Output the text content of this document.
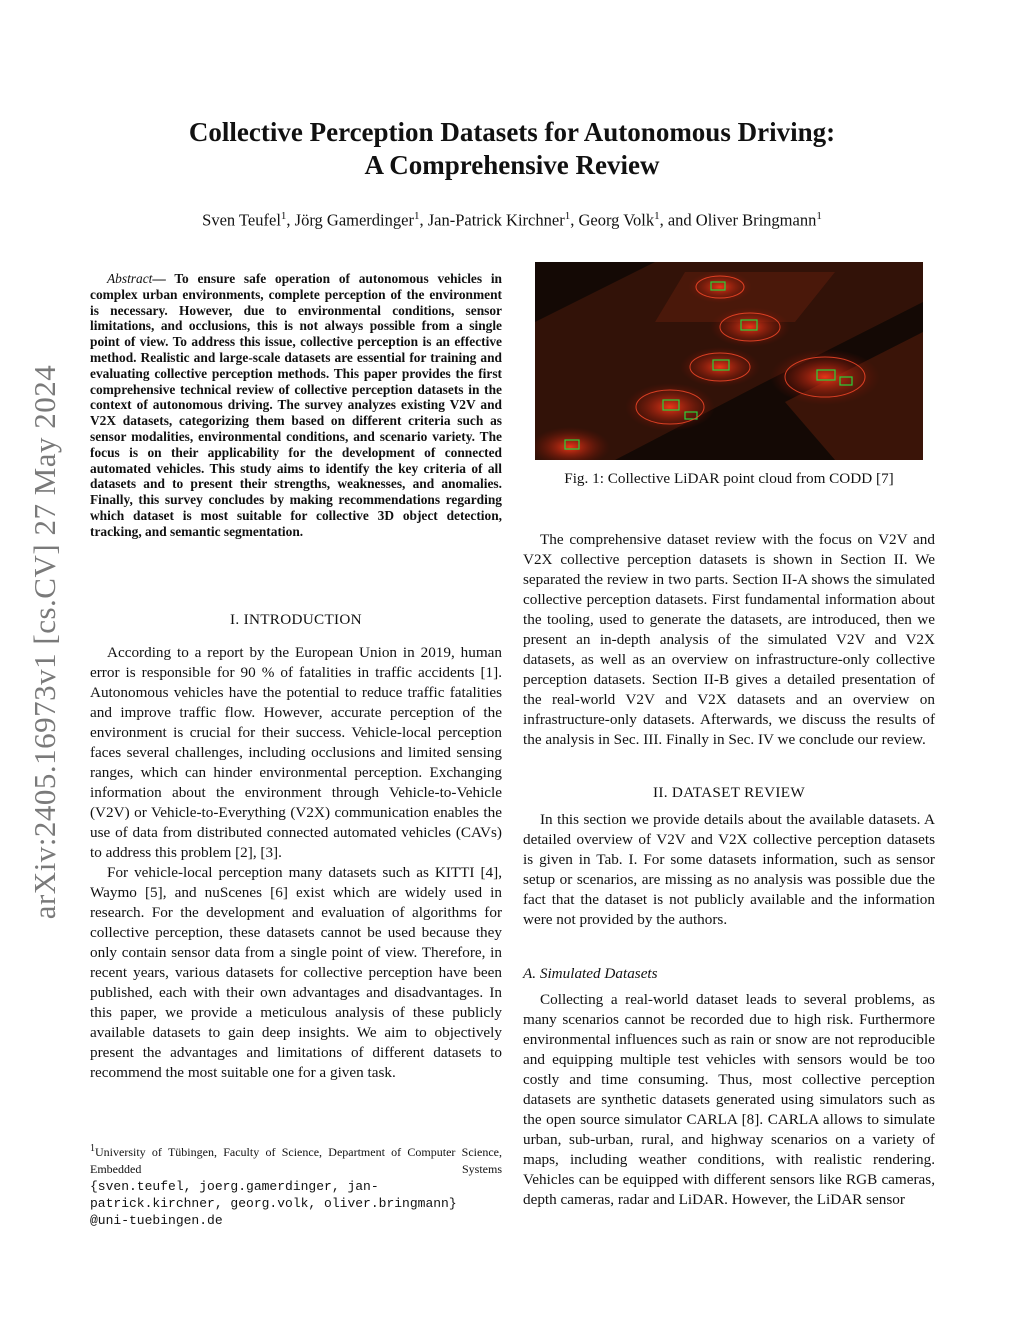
arXiv:2405.16973v1 [cs.CV] 27 May 2024
Collective Perception Datasets for Autonomous Driving:
A Comprehensive Review
Sven Teufel$^1$, Jörg Gamerdinger$^1$, Jan-Patrick Kirchner$^1$, Georg Volk$^1$, and Oliver Bringmann$^1$
Abstract— To ensure safe operation of autonomous vehicles in complex urban environments, complete perception of the environment is necessary. However, due to environmental conditions, sensor limitations, and occlusions, this is not always possible from a single point of view. To address this issue, collective perception is an effective method. Realistic and large-scale datasets are essential for training and evaluating collective perception methods. This paper provides the first comprehensive technical review of collective perception datasets in the context of autonomous driving. The survey analyzes existing V2V and V2X datasets, categorizing them based on different criteria such as sensor modalities, environmental conditions, and scenario variety. The focus is on their applicability for the development of connected automated vehicles. This study aims to identify the key criteria of all datasets and to present their strengths, weaknesses, and anomalies. Finally, this survey concludes by making recommendations regarding which dataset is most suitable for collective 3D object detection, tracking, and semantic segmentation.

I. INTRODUCTION

According to a report by the European Union in 2019, human error is responsible for 90 % of fatalities in traffic accidents [1]. Autonomous vehicles have the potential to reduce traffic fatalities and improve traffic flow. However, accurate perception of the environment is crucial for their success. Vehicle-local perception faces several challenges, including occlusions and limited sensing ranges, which can hinder environmental perception. Exchanging information about the environment through Vehicle-to-Vehicle (V2V) or Vehicle-to-Everything (V2X) communication enables the use of data from distributed connected automated vehicles (CAVs) to address this problem [2], [3].

For vehicle-local perception many datasets such as KITTI [4], Waymo [5], and nuScenes [6] exist which are widely used in research. For the development and evaluation of algorithms for collective perception, these datasets cannot be used because they only contain sensor data from a single point of view. Therefore, in recent years, various datasets for collective perception have been published, each with their own advantages and disadvantages. In this paper, we provide a meticulous analysis of these publicly available datasets to gain deep insights. We aim to objectively present the advantages and limitations of different datasets to recommend the most suitable one for a given task.

$^1$University of Tübingen, Faculty of Science, Department of Computer Science, Embedded Systems
{sven.teufel, joerg.gamerdinger, jan-patrick.kirchner, georg.volk, oliver.bringmann} @uni-tuebingen.de
Fig. 1: Collective LiDAR point cloud from CODD [7]

The comprehensive dataset review with the focus on V2V and V2X collective perception datasets is shown in Section II. We separated the review in two parts. Section II-A shows the simulated collective perception datasets. First fundamental information about the tooling, used to generate the datasets, are introduced, then we present an in-depth analysis of the simulated V2V and V2X datasets, as well as an overview on infrastructure-only collective perception datasets. Section II-B gives a detailed presentation of the real-world V2V and V2X datasets and an overview on infrastructure-only datasets. Afterwards, we discuss the results of the analysis in Sec. III. Finally in Sec. IV we conclude our review.

II. DATASET REVIEW

In this section we provide details about the available datasets. A detailed overview of V2V and V2X collective perception datasets is given in Tab. I. For some datasets information, such as sensor setup or scenarios, are missing as no analysis was possible due the fact that the dataset is not publicly available and the information were not provided by the authors.

A. Simulated Datasets

Collecting a real-world dataset leads to several problems, as many scenarios cannot be recorded due to high risk. Furthermore environmental influences such as rain or snow are not reproducible and equipping multiple test vehicles with sensors would be too costly and time consuming. Thus, most collective perception datasets are synthetic datasets generated using simulators such as the open source simulator CARLA [8]. CARLA allows to simulate urban, sub-urban, rural, and highway scenarios on a variety of maps, including weather conditions, with realistic rendering. Vehicles can be equipped with different sensors like RGB cameras, depth cameras, radar and LiDAR. However, the LiDAR sensor
